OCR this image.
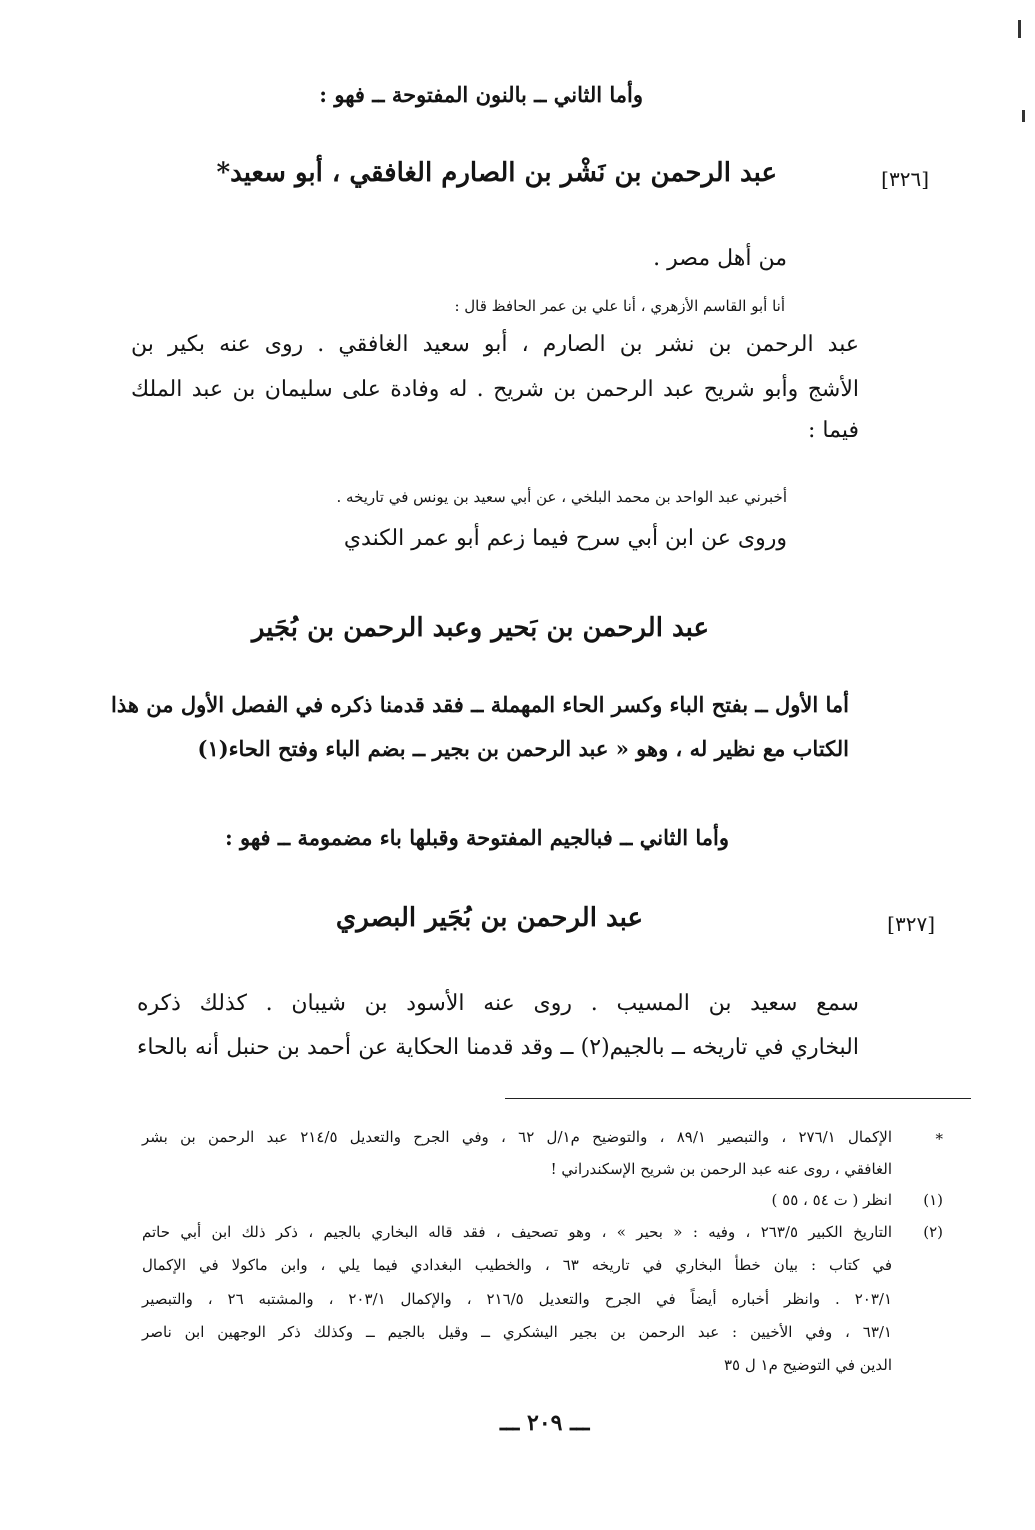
وأما الثاني ــ بالنون المفتوحة ــ فهو :
[٣٢٦]
عبد الرحمن بن نَشْر بن الصارم الغافقي ، أبو سعيد*
من أهل مصر .
أنا أبو القاسم الأزهري ، أنا علي بن عمر الحافظ قال :
عبد الرحمن بن نشر بن الصارم ، أبو سعيد الغافقي . روى عنه بكير بن
الأشج وأبو شريح عبد الرحمن بن شريح . له وفادة على سليمان بن عبد الملك
فيما :
أخبرني عبد الواحد بن محمد البلخي ، عن أبي سعيد بن يونس في تاريخه .
وروى عن ابن أبي سرح فيما زعم أبو عمر الكندي
عبد الرحمن بن بَحير وعبد الرحمن بن بُجَير
أما الأول ــ بفتح الباء وكسر الحاء المهملة ــ فقد قدمنا ذكره في الفصل الأول من هذا
الكتاب مع نظير له ، وهو « عبد الرحمن بن بجير ــ بضم الباء وفتح الحاء(١)
وأما الثاني ــ فبالجيم المفتوحة وقبلها باء مضمومة ــ فهو :
[٣٢٧]
عبد الرحمن بن بُجَير البصري
سمع سعيد بن المسيب . روى عنه الأسود بن شيبان . كذلك ذكره
البخاري في تاريخه ــ بالجيم(٢) ــ وقد قدمنا الحكاية عن أحمد بن حنبل أنه بالحاء
*
الإكمال ٢٧٦/١ ، والتبصير ٨٩/١ ، والتوضيح م١/ل ٦٢ ، وفي الجرح والتعديل ٢١٤/٥ عبد الرحمن بن بشر
الغافقي ، روى عنه عبد الرحمن بن شريح الإسكندراني !
(١)
انظر ( ت ٥٤ ، ٥٥ )
(٢)
التاريخ الكبير ٢٦٣/٥ ، وفيه : « بحير » ، وهو تصحيف ، فقد قاله البخاري بالجيم ، ذكر ذلك ابن أبي حاتم
في كتاب : بيان خطأ البخاري في تاريخه ٦٣ ، والخطيب البغدادي فيما يلي ، وابن ماكولا في الإكمال
٢٠٣/١ . وانظر أخباره أيضاً في الجرح والتعديل ٢١٦/٥ ، والإكمال ٢٠٣/١ ، والمشتبه ٢٦ ، والتبصير
٦٣/١ ، وفي الأخيين : عبد الرحمن بن بجير اليشكري ــ وقيل بالجيم ــ وكذلك ذكر الوجهين ابن ناصر
الدين في التوضيح م١ ل ٣٥
ـــ ٢٠٩ ـــ
